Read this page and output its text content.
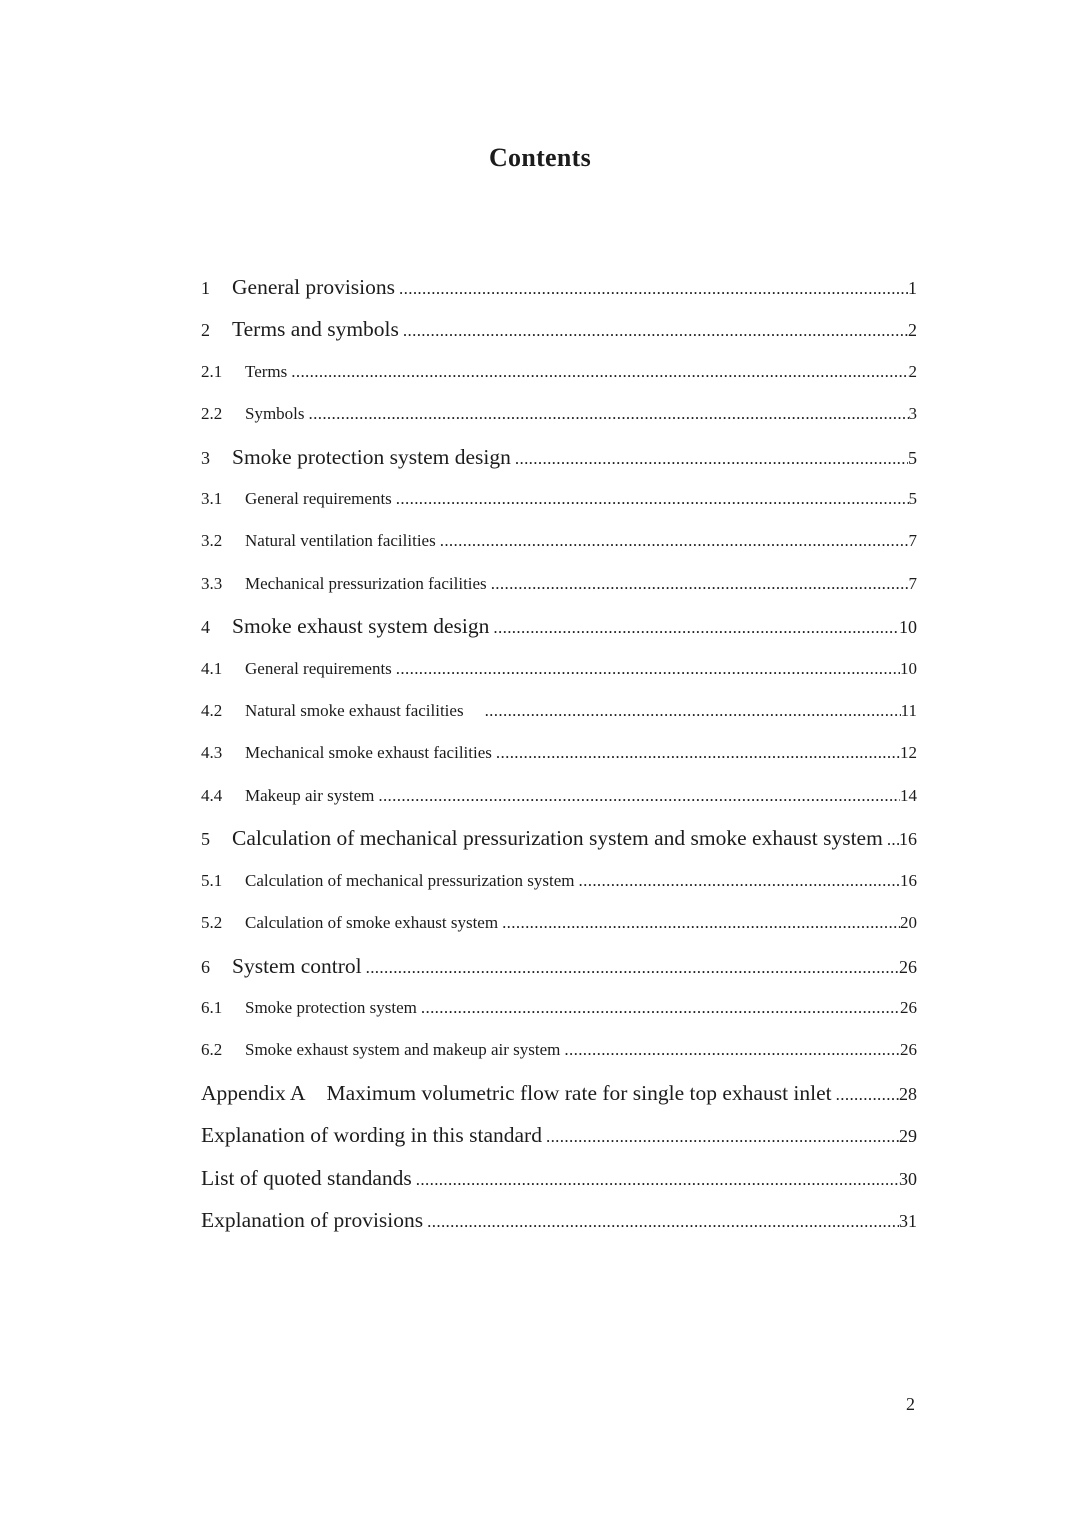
Contents
1	General provisions .....	1
2	Terms and symbols .....	2
2.1	Terms .....	2
2.2	Symbols .....	3
3	Smoke protection system design .....	5
3.1	General requirements .....	5
3.2	Natural ventilation facilities .....	7
3.3	Mechanical pressurization facilities .....	7
4	Smoke exhaust system design .....	10
4.1	General requirements .....	10
4.2	Natural smoke exhaust facilities .....	11
4.3	Mechanical smoke exhaust facilities .....	12
4.4	Makeup air system .....	14
5	Calculation of mechanical pressurization system and smoke exhaust system ..... 16
5.1	Calculation of mechanical pressurization system .....	16
5.2	Calculation of smoke exhaust system .....	20
6	System control .....	26
6.1	Smoke protection system .....	26
6.2	Smoke exhaust system and makeup air system .....	26
Appendix A Maximum volumetric flow rate for single top exhaust inlet .....	28
Explanation of wording in this standard .....	29
List of quoted standands .....	30
Explanation of provisions .....	31
2
